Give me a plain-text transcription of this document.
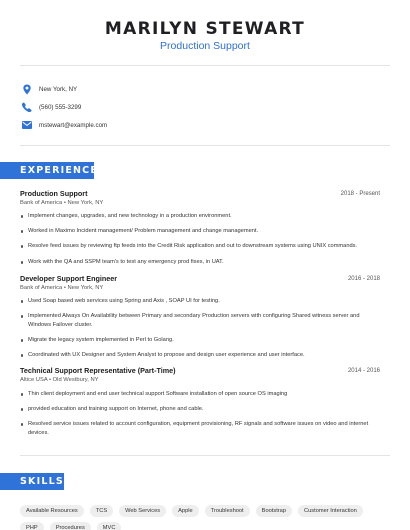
MARILYN STEWART
Production Support
New York, NY
(560) 555-3299
mstewart@example.com
EXPERIENCE
Production Support	2018 - Present
Bank of America • New York, NY
Implement changes, upgrades, and new technology in a production environment.
Worked in Maximo Incident management/ Problem management and change management.
Resolve feed issues by reviewing ftp feeds into the Credit Risk application and out to downstream systems using UNIX commands.
Work with the QA and SSPM team's to test any emergency prod fixes, in UAT.
Developer Support Engineer	2016 - 2018
Bank of America • New York, NY
Used Soap based web services using Spring and Axis , SOAP UI for testing.
Implemented Always On Availability between Primary and secondary Production servers with configuring Shared witness server and Windows Failover cluster.
Migrate the legacy system implemented in Perl to Golang.
Coordinated with UX Designer and System Analyst to propose and design user experience and user interface.
Technical Support Representative (Part-Time)	2014 - 2016
Altice USA • Old Westbury, NY
Thin client deployment and end user technical support Software installation of open source OS imaging
provided education and training support on Internet, phone and cable.
Resolved service issues related to account configuration, equipment provisioning, RF signals and software issues on video and internet devices.
SKILLS
Available Resources	TCS	Web Services	Apple	Troubleshoot	Bootstrap	Customer Interaction
PHP	Procedures	MVC
